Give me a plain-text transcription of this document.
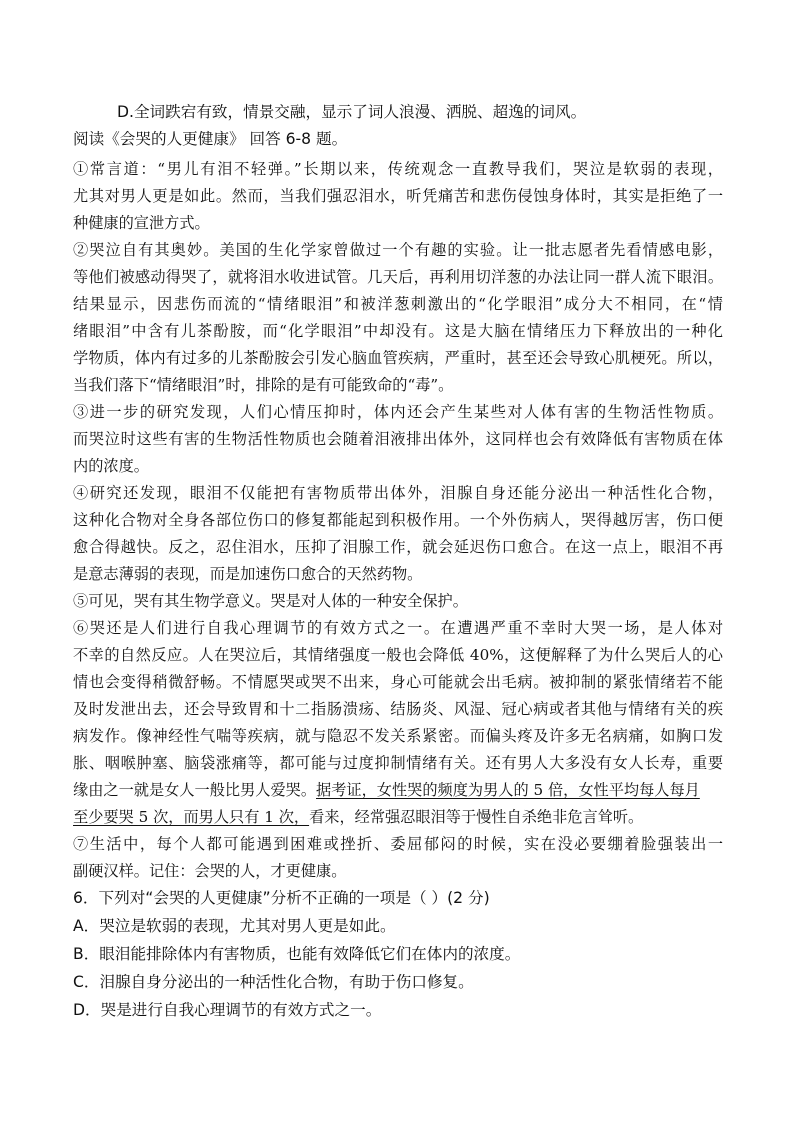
D.全词跌宕有致，情景交融，显示了词人浪漫、洒脱、超逸的词风。
阅读《会哭的人更健康》 回答 6-8 题。
①常言道：“男儿有泪不轻弹。”长期以来，传统观念一直教导我们，哭泣是软弱的表现，
尤其对男人更是如此。然而，当我们强忍泪水，听凭痛苦和悲伤侵蚀身体时，其实是拒绝了一
种健康的宣泄方式。
②哭泣自有其奥妙。美国的生化学家曾做过一个有趣的实验。让一批志愿者先看情感电影，
等他们被感动得哭了，就将泪水收进试管。几天后，再利用切洋葱的办法让同一群人流下眼泪。
结果显示，因悲伤而流的“情绪眼泪”和被洋葱刺激出的“化学眼泪”成分大不相同，在“情
绪眼泪”中含有儿茶酚胺，而“化学眼泪”中却没有。这是大脑在情绪压力下释放出的一种化
学物质，体内有过多的儿茶酚胺会引发心脑血管疾病，严重时，甚至还会导致心肌梗死。所以，
当我们落下“情绪眼泪”时，排除的是有可能致命的“毒”。
③进一步的研究发现，人们心情压抑时，体内还会产生某些对人体有害的生物活性物质。
而哭泣时这些有害的生物活性物质也会随着泪液排出体外，这同样也会有效降低有害物质在体
内的浓度。
④研究还发现，眼泪不仅能把有害物质带出体外，泪腺自身还能分泌出一种活性化合物，
这种化合物对全身各部位伤口的修复都能起到积极作用。一个外伤病人，哭得越厉害，伤口便
愈合得越快。反之，忍住泪水，压抑了泪腺工作，就会延迟伤口愈合。在这一点上，眼泪不再
是意志薄弱的表现，而是加速伤口愈合的天然药物。
⑤可见，哭有其生物学意义。哭是对人体的一种安全保护。
⑥哭还是人们进行自我心理调节的有效方式之一。在遭遇严重不幸时大哭一场，是人体对
不幸的自然反应。人在哭泣后，其情绪强度一般也会降低 40%，这便解释了为什么哭后人的心
情也会变得稍微舒畅。不情愿哭或哭不出来，身心可能就会出毛病。被抑制的紧张情绪若不能
及时发泄出去，还会导致胃和十二指肠溃疡、结肠炎、风湿、冠心病或者其他与情绪有关的疾
病发作。像神经性气喘等疾病，就与隐忍不发关系紧密。而偏头疼及许多无名病痛，如胸口发
胀、咽喉肿塞、脑袋涨痛等，都可能与过度抑制情绪有关。还有男人大多没有女人长寿，重要
缘由之一就是女人一般比男人爱哭。据考证，女性哭的频度为男人的 5 倍，女性平均每人每月
至少要哭 5 次，而男人只有 1 次，看来，经常强忍眼泪等于慢性自杀绝非危言耸听。
⑦生活中，每个人都可能遇到困难或挫折、委屈郁闷的时候，实在没必要绷着脸强装出一
副硬汉样。记住：会哭的人，才更健康。
6．下列对“会哭的人更健康”分析不正确的一项是（ ）(2 分)
A．哭泣是软弱的表现，尤其对男人更是如此。
B．眼泪能排除体内有害物质，也能有效降低它们在体内的浓度。
C．泪腺自身分泌出的一种活性化合物，有助于伤口修复。
D．哭是进行自我心理调节的有效方式之一。
